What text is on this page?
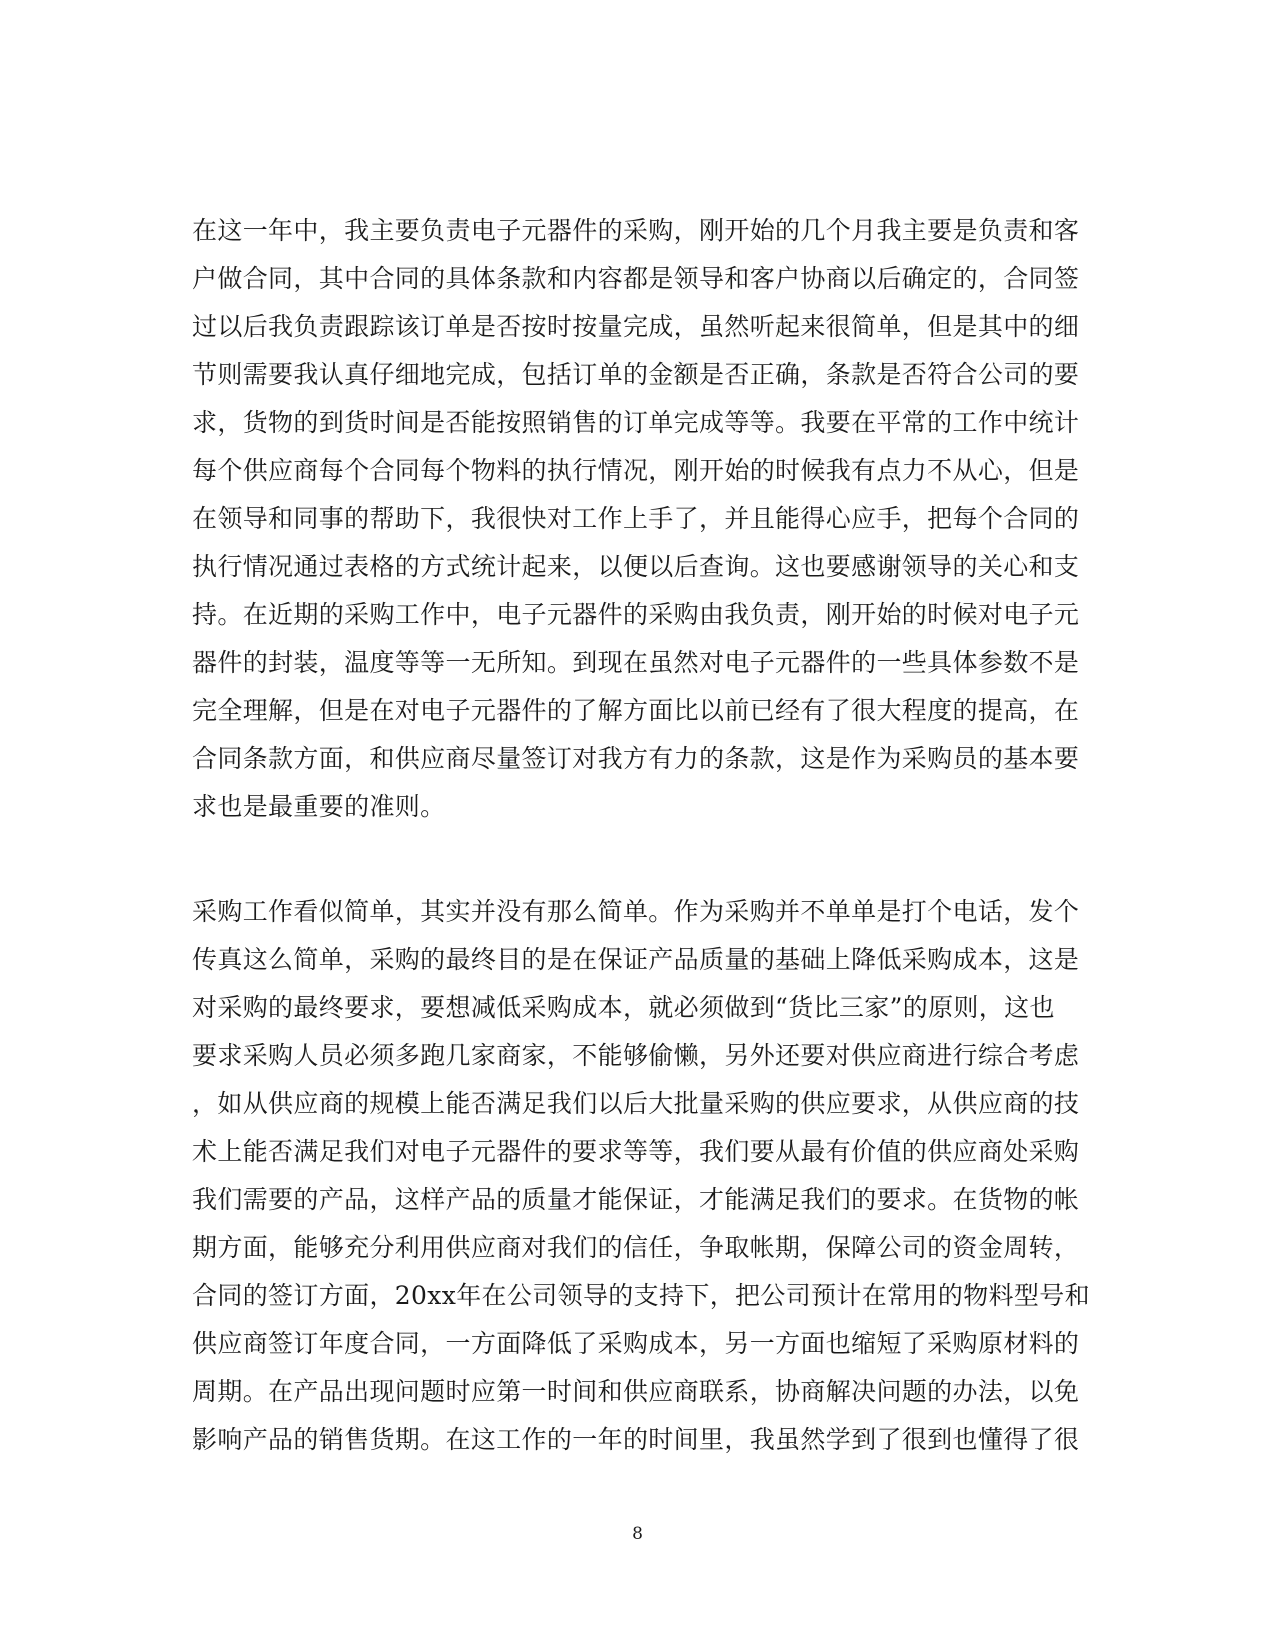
在这一年中，我主要负责电子元器件的采购，刚开始的几个月我主要是负责和客
户做合同，其中合同的具体条款和内容都是领导和客户协商以后确定的，合同签
过以后我负责跟踪该订单是否按时按量完成，虽然听起来很简单，但是其中的细
节则需要我认真仔细地完成，包括订单的金额是否正确，条款是否符合公司的要
求，货物的到货时间是否能按照销售的订单完成等等。我要在平常的工作中统计
每个供应商每个合同每个物料的执行情况，刚开始的时候我有点力不从心，但是
在领导和同事的帮助下，我很快对工作上手了，并且能得心应手，把每个合同的
执行情况通过表格的方式统计起来，以便以后查询。这也要感谢领导的关心和支
持。在近期的采购工作中，电子元器件的采购由我负责，刚开始的时候对电子元
器件的封装，温度等等一无所知。到现在虽然对电子元器件的一些具体参数不是
完全理解，但是在对电子元器件的了解方面比以前已经有了很大程度的提高，在
合同条款方面，和供应商尽量签订对我方有力的条款，这是作为采购员的基本要
求也是最重要的准则。
采购工作看似简单，其实并没有那么简单。作为采购并不单单是打个电话，发个
传真这么简单，采购的最终目的是在保证产品质量的基础上降低采购成本，这是
对采购的最终要求，要想减低采购成本，就必须做到“货比三家”的原则，这也
要求采购人员必须多跑几家商家，不能够偷懒，另外还要对供应商进行综合考虑
，如从供应商的规模上能否满足我们以后大批量采购的供应要求，从供应商的技
术上能否满足我们对电子元器件的要求等等，我们要从最有价值的供应商处采购
我们需要的产品，这样产品的质量才能保证，才能满足我们的要求。在货物的帐
期方面，能够充分利用供应商对我们的信任，争取帐期，保障公司的资金周转，
合同的签订方面，20xx年在公司领导的支持下，把公司预计在常用的物料型号和
供应商签订年度合同，一方面降低了采购成本，另一方面也缩短了采购原材料的
周期。在产品出现问题时应第一时间和供应商联系，协商解决问题的办法，以免
影响产品的销售货期。在这工作的一年的时间里，我虽然学到了很到也懂得了很
8
